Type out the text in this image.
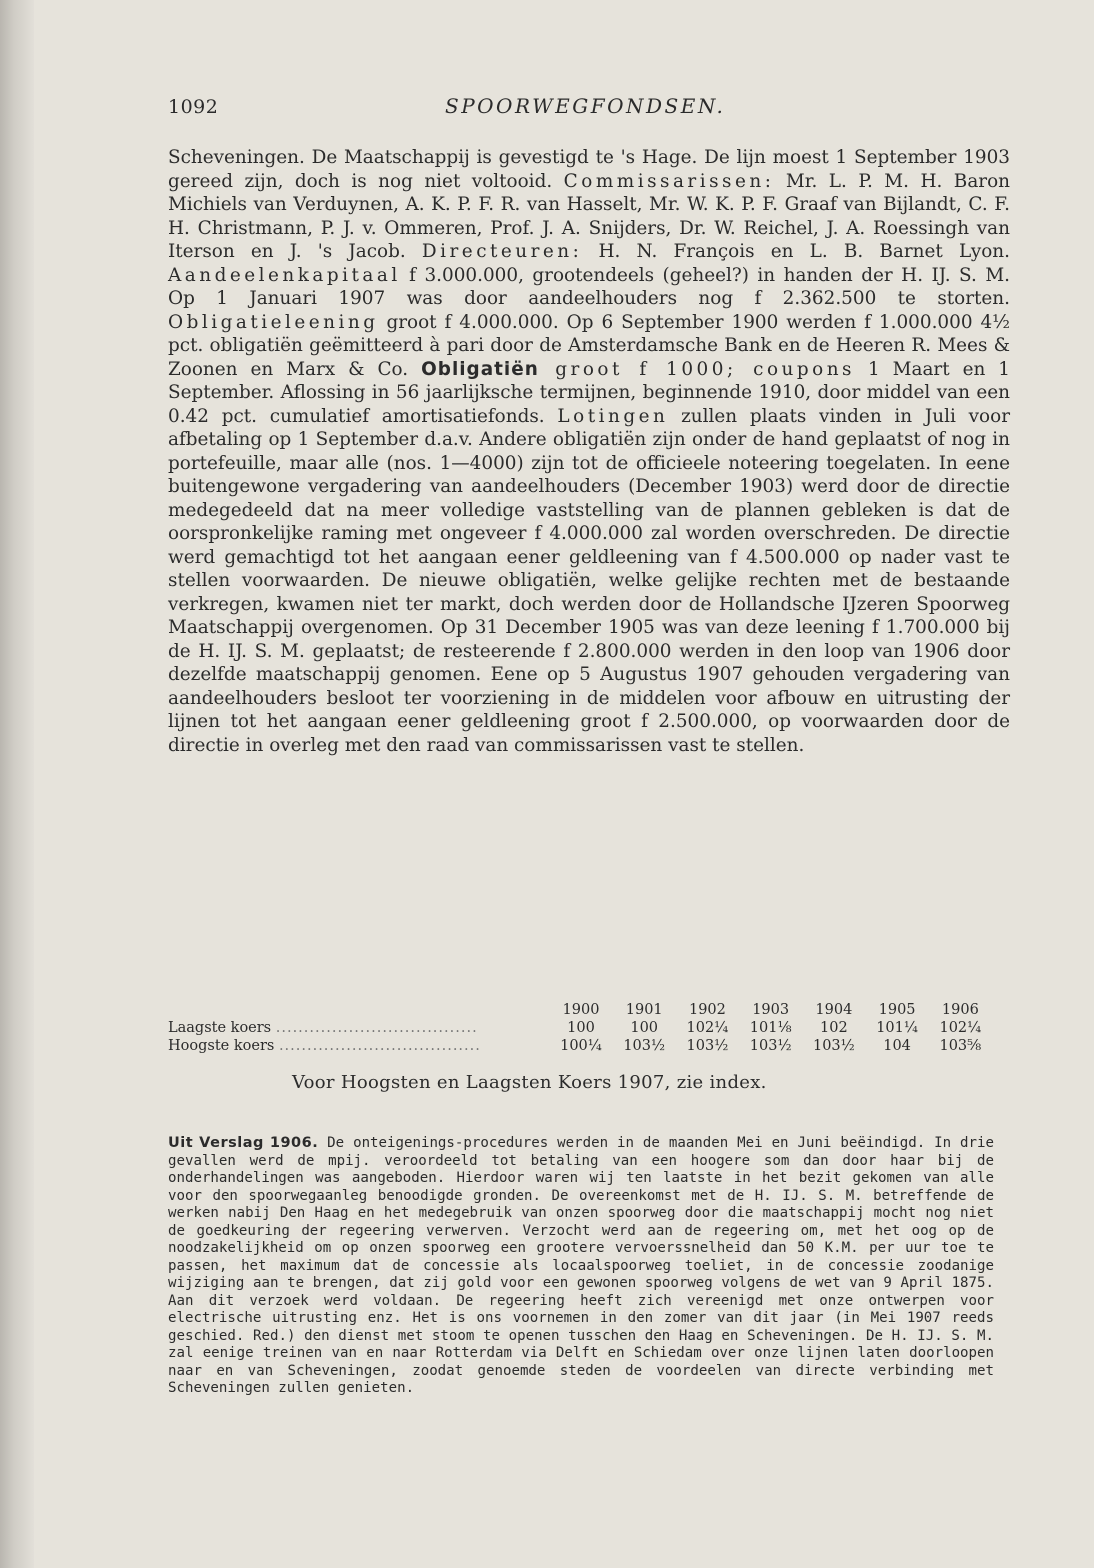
1092	SPOORWEGFONDSEN.

Scheveningen. De Maatschappij is gevestigd te 's Hage. De lijn moest 1 September 1903 gereed zijn, doch is nog niet voltooid. Commissarissen: Mr. L. P. M. H. Baron Michiels van Verduynen, A. K. P. F. R. van Hasselt, Mr. W. K. P. F. Graaf van Bijlandt, C. F. H. Christmann, P. J. v. Ommeren, Prof. J. A. Snijders, Dr. W. Reichel, J. A. Roessingh van Iterson en J. 's Jacob. Directeuren: H. N. François en L. B. Barnet Lyon. Aandeelenkapitaal f 3.000.000, grootendeels (geheel?) in handen der H. IJ. S. M. Op 1 Januari 1907 was door aandeelhouders nog f 2.362.500 te storten. Obligatieleening groot f 4.000.000. Op 6 September 1900 werden f 1.000.000 4½ pct. obligatiën geëmitteerd à pari door de Amsterdamsche Bank en de Heeren R. Mees & Zoonen en Marx & Co. Obligatiën groot f 1000; coupons 1 Maart en 1 September. Aflossing in 56 jaarlijksche termijnen, beginnende 1910, door middel van een 0.42 pct. cumulatief amortisatiefonds. Lotingen zullen plaats vinden in Juli voor afbetaling op 1 September d.a.v. Andere obligatiën zijn onder de hand geplaatst of nog in portefeuille, maar alle (nos. 1—4000) zijn tot de officieele noteering toegelaten. In eene buitengewone vergadering van aandeelhouders (December 1903) werd door de directie medegedeeld dat na meer volledige vaststelling van de plannen gebleken is dat de oorspronkelijke raming met ongeveer f 4.000.000 zal worden overschreden. De directie werd gemachtigd tot het aangaan eener geldleening van f 4.500.000 op nader vast te stellen voorwaarden. De nieuwe obligatiën, welke gelijke rechten met de bestaande verkregen, kwamen niet ter markt, doch werden door de Hollandsche IJzeren Spoorweg Maatschappij overgenomen. Op 31 December 1905 was van deze leening f 1.700.000 bij de H. IJ. S. M. geplaatst; de resteerende f 2.800.000 werden in den loop van 1906 door dezelfde maatschappij genomen. Eene op 5 Augustus 1907 gehouden vergadering van aandeelhouders besloot ter voorziening in de middelen voor afbouw en uitrusting der lijnen tot het aangaan eener geldleening groot f 2.500.000, op voorwaarden door de directie in overleg met den raad van commissarissen vast te stellen.

	1900	1901	1902	1903	1904	1905	1906
Laagste koers ....................................	100	100	102¼	101⅛	102	101¼	102¼
Hoogste koers ....................................	100¼	103½	103½	103½	103½	104	103⅝
Voor Hoogsten en Laagsten Koers 1907, zie index.

Uit Verslag 1906. De onteigenings-procedures werden in de maanden Mei en Juni beëindigd. In drie gevallen werd de mpij. veroordeeld tot betaling van een hoogere som dan door haar bij de onderhandelingen was aangeboden. Hierdoor waren wij ten laatste in het bezit gekomen van alle voor den spoorwegaanleg benoodigde gronden. De overeenkomst met de H. IJ. S. M. betreffende de werken nabij Den Haag en het medegebruik van onzen spoorweg door die maatschappij mocht nog niet de goedkeuring der regeering verwerven. Verzocht werd aan de regeering om, met het oog op de noodzakelijkheid om op onzen spoorweg een grootere vervoerssnelheid dan 50 K.M. per uur toe te passen, het maximum dat de concessie als locaalspoorweg toeliet, in de concessie zoodanige wijziging aan te brengen, dat zij gold voor een gewonen spoorweg volgens de wet van 9 April 1875. Aan dit verzoek werd voldaan. De regeering heeft zich vereenigd met onze ontwerpen voor electrische uitrusting enz. Het is ons voornemen in den zomer van dit jaar (in Mei 1907 reeds geschied. Red.) den dienst met stoom te openen tusschen den Haag en Scheveningen. De H. IJ. S. M. zal eenige treinen van en naar Rotterdam via Delft en Schiedam over onze lijnen laten doorloopen naar en van Scheveningen, zoodat genoemde steden de voordeelen van directe verbinding met Scheveningen zullen genieten.
